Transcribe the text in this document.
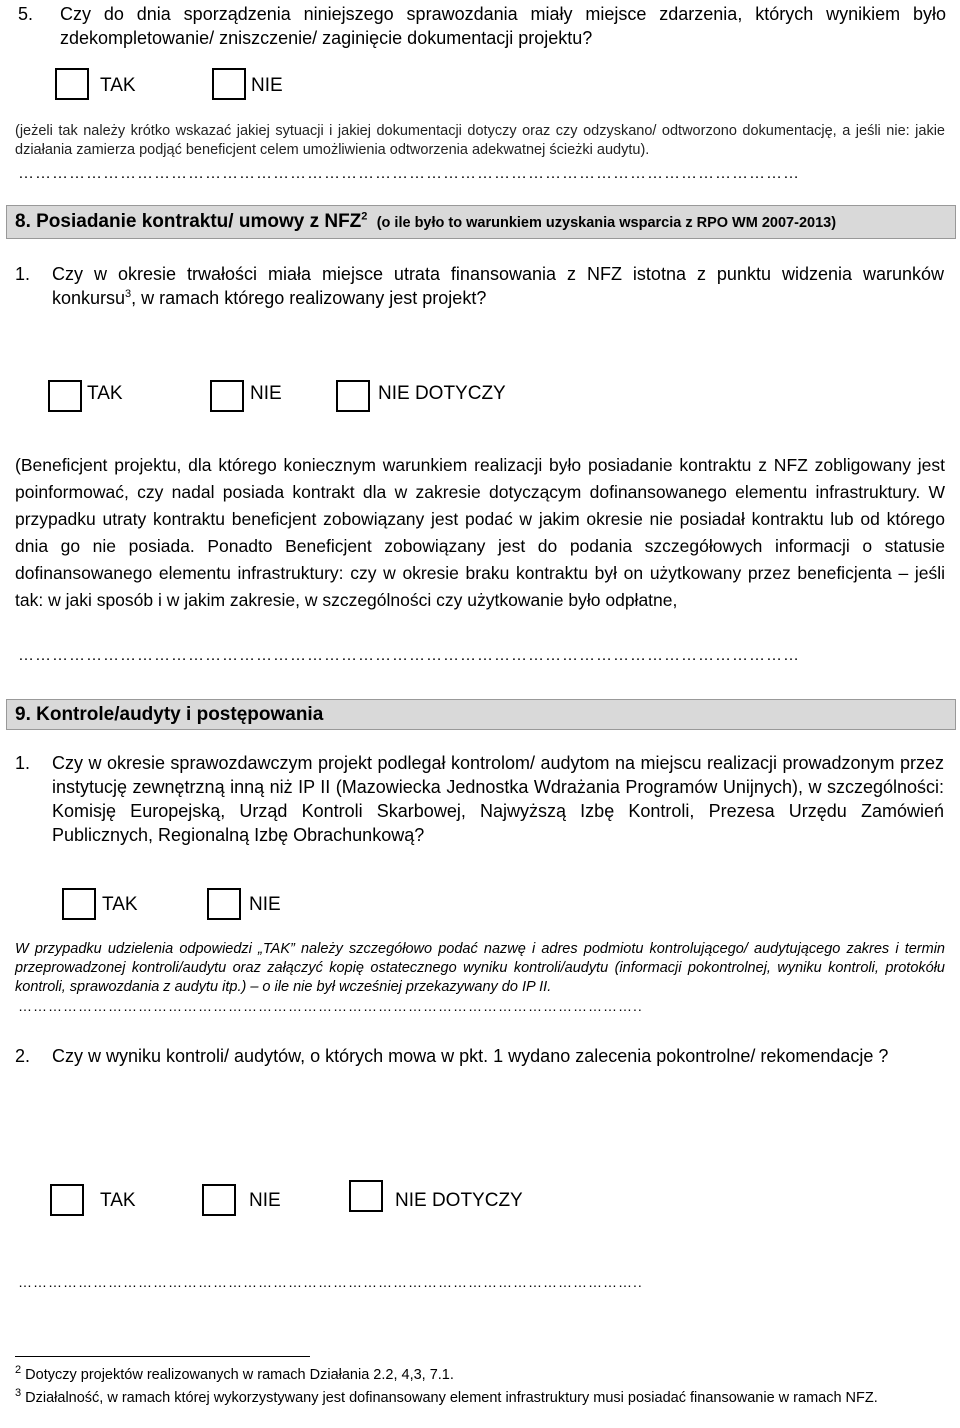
5. Czy do dnia sporządzenia niniejszego sprawozdania miały miejsce zdarzenia, których wynikiem było zdekompletowanie/ zniszczenie/ zaginięcie dokumentacji projektu?
TAK	NIE
(jeżeli tak należy krótko wskazać jakiej sytuacji i jakiej dokumentacji dotyczy oraz czy odzyskano/ odtworzono dokumentację, a jeśli nie: jakie działania zamierza podjąć beneficjent celem umożliwienia odtworzenia adekwatnej ścieżki audytu).
…………………………………………………………………………………………………………………………
8. Posiadanie kontraktu/ umowy z NFZ$^2$ (o ile było to warunkiem uzyskania wsparcia z RPO WM 2007-2013)
1. Czy w okresie trwałości miała miejsce utrata finansowania z NFZ istotna z punktu widzenia warunków konkursu$^3$, w ramach którego realizowany jest projekt?
TAK	NIE	NIE DOTYCZY
(Beneficjent projektu, dla którego koniecznym warunkiem realizacji było posiadanie kontraktu z NFZ zobligowany jest poinformować, czy nadal posiada kontrakt dla w zakresie dotyczącym dofinansowanego elementu infrastruktury. W przypadku utraty kontraktu beneficjent zobowiązany jest podać w jakim okresie nie posiadał kontraktu lub od którego dnia go nie posiada. Ponadto Beneficjent zobowiązany jest do podania szczegółowych informacji o statusie dofinansowanego elementu infrastruktury: czy w okresie braku kontraktu był on użytkowany przez beneficjenta – jeśli tak: w jaki sposób i w jakim zakresie, w szczególności czy użytkowanie było odpłatne,
…………………………………………………………………………………………………………………………
9. Kontrole/audyty i postępowania
1. Czy w okresie sprawozdawczym projekt podlegał kontrolom/ audytom na miejscu realizacji prowadzonym przez instytucję zewnętrzną inną niż IP II (Mazowiecka Jednostka Wdrażania Programów Unijnych), w szczególności: Komisję Europejską, Urząd Kontroli Skarbowej, Najwyższą Izbę Kontroli, Prezesa Urzędu Zamówień Publicznych, Regionalną Izbę Obrachunkową?
TAK	NIE
W przypadku udzielenia odpowiedzi „TAK” należy szczegółowo podać nazwę i adres podmiotu kontrolującego/ audytującego zakres i termin przeprowadzonej kontroli/audytu oraz załączyć kopię ostatecznego wyniku kontroli/audytu (informacji pokontrolnej, wyniku kontroli, protokółu kontroli, sprawozdania z audytu itp.) – o ile nie był wcześniej przekazywany do IP II.
……………………………………………………………………………………………………………..
2. Czy w wyniku kontroli/ audytów, o których mowa w pkt. 1 wydano zalecenia pokontrolne/ rekomendacje ?
TAK	NIE	NIE DOTYCZY
……………………………………………………………………………………………………………..
$^2$ Dotyczy projektów realizowanych w ramach Działania 2.2, 4,3, 7.1.
$^3$ Działalność, w ramach której wykorzystywany jest dofinansowany element infrastruktury musi posiadać finansowanie w ramach NFZ.
